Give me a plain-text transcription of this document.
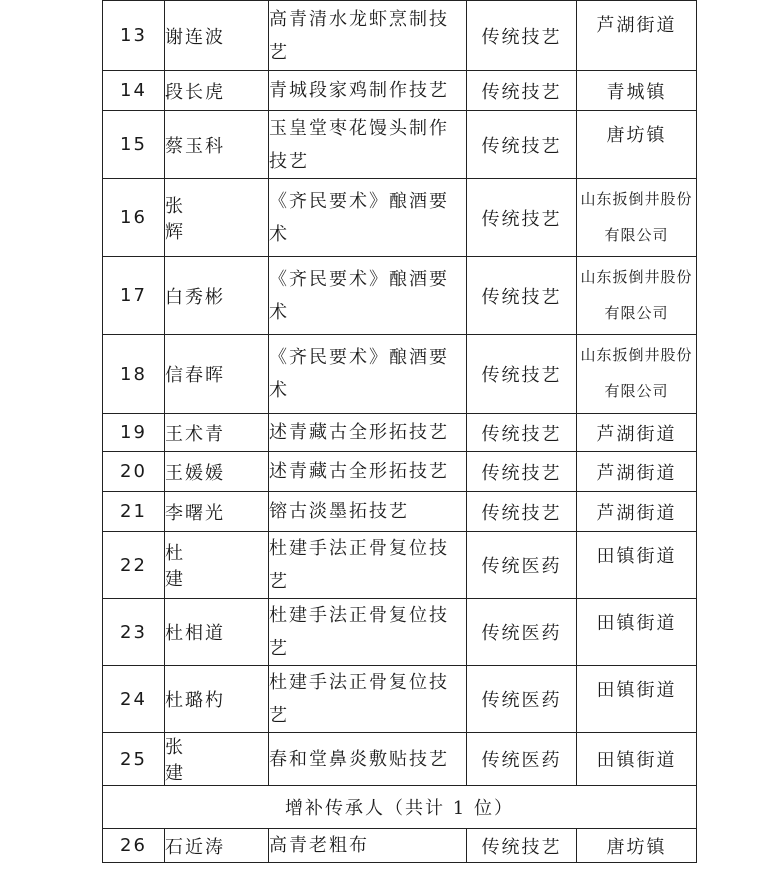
13	谢连波	高青清水龙虾烹制技艺	传统技艺	芦湖街道
14	段长虎	青城段家鸡制作技艺	传统技艺	青城镇
15	蔡玉科	玉皇堂枣花馒头制作技艺	传统技艺	唐坊镇
16	张 辉	《齐民要术》酿酒要术	传统技艺	山东扳倒井股份有限公司
17	白秀彬	《齐民要术》酿酒要术	传统技艺	山东扳倒井股份有限公司
18	信春晖	《齐民要术》酿酒要术	传统技艺	山东扳倒井股份有限公司
19	王术青	述青藏古全形拓技艺	传统技艺	芦湖街道
20	王媛媛	述青藏古全形拓技艺	传统技艺	芦湖街道
21	李曙光	镕古淡墨拓技艺	传统技艺	芦湖街道
22	杜 建	杜建手法正骨复位技艺	传统医药	田镇街道
23	杜相道	杜建手法正骨复位技艺	传统医药	田镇街道
24	杜璐杓	杜建手法正骨复位技艺	传统医药	田镇街道
25	张 建	春和堂鼻炎敷贴技艺	传统医药	田镇街道
增补传承人（共计 1 位）				
26	石近涛	高青老粗布	传统技艺	唐坊镇
